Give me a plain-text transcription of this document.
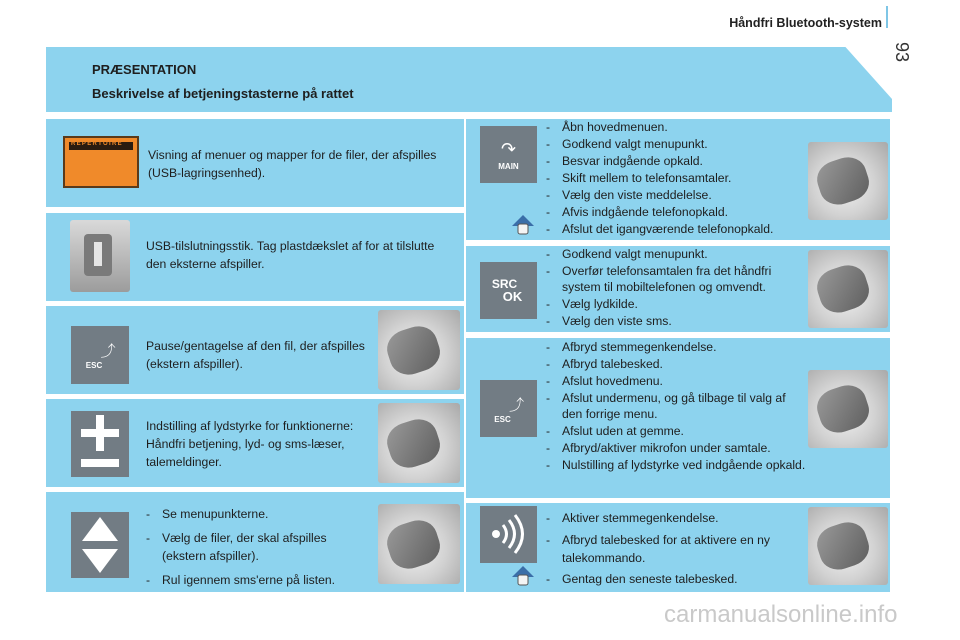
Håndfri Bluetooth-system
93
PRÆSENTATION
Beskrivelse af betjeningstasterne på rattet
REPERTOIRE
Visning af menuer og mapper for de filer, der afspilles (USB-lagringsenhed).
USB-tilslutningsstik. Tag plastdækslet af for at tilslutte den eksterne afspiller.
⤴
ESC
Pause/gentagelse af den fil, der afspilles (ekstern afspiller).
Indstilling af lydstyrke for funktionerne: Håndfri betjening, lyd- og sms-læser, talemeldinger.
- Se menupunkterne.
- Vælg de filer, der skal afspilles (ekstern afspiller).
- Rul igennem sms'erne på listen.
↷
MAIN
- Åbn hovedmenuen.
- Godkend valgt menupunkt.
- Besvar indgående opkald.
- Skift mellem to telefonsamtaler.
- Vælg den viste meddelelse.
- Afvis indgående telefonopkald.
- Afslut det igangværende telefonopkald.
SRC
OK
- Godkend valgt menupunkt.
- Overfør telefonsamtalen fra det håndfri system til mobiltelefonen og omvendt.
- Vælg lydkilde.
- Vælg den viste sms.
⤴
ESC
- Afbryd stemmegenkendelse.
- Afbryd talebesked.
- Afslut hovedmenu.
- Afslut undermenu, og gå tilbage til valg af den forrige menu.
- Afslut uden at gemme.
- Afbryd/aktiver mikrofon under samtale.
- Nulstilling af lydstyrke ved indgående opkald.
- Aktiver stemmegenkendelse.
- Afbryd talebesked for at aktivere en ny talekommando.
- Gentag den seneste talebesked.
carmanualsonline.info
